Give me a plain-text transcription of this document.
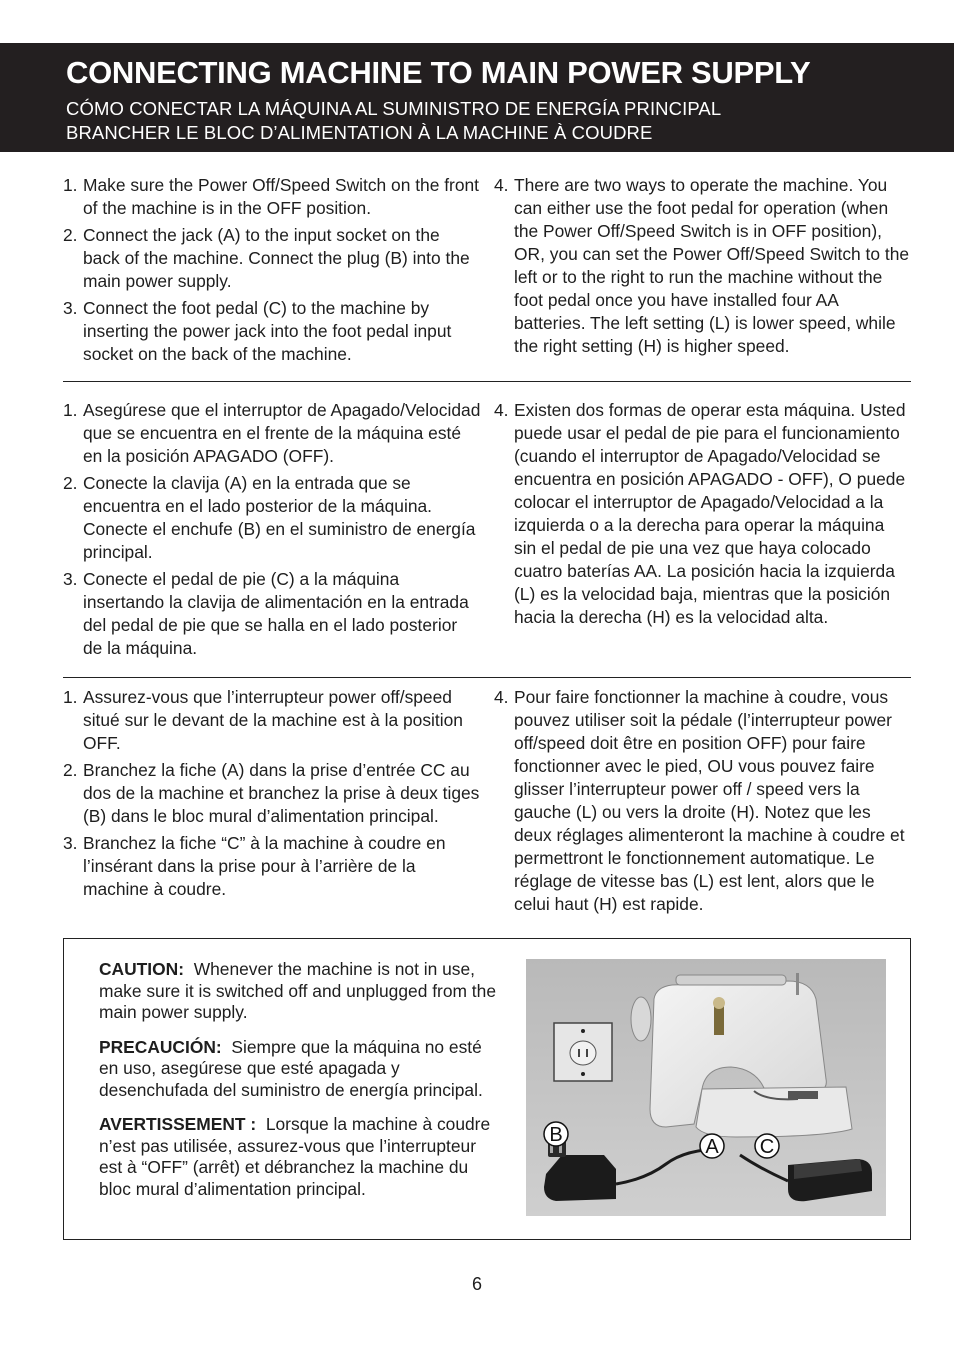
CONNECTING MACHINE TO MAIN POWER SUPPLY
CÓMO CONECTAR LA MÁQUINA AL SUMINISTRO DE ENERGÍA PRINCIPAL
BRANCHER LE BLOC D’ALIMENTATION À LA MACHINE À COUDRE
1. Make sure the Power Off/Speed Switch on the front of the machine is in the OFF position.
2. Connect the jack (A) to the input socket on the back of the machine. Connect the plug (B) into the main power supply.
3. Connect the foot pedal (C) to the machine by inserting the power jack into the foot pedal input socket on the back of the machine.
4. There are two ways to operate the machine. You can either use the foot pedal for operation (when the Power Off/Speed Switch is in OFF position), OR, you can set the Power Off/Speed Switch to the left or to the right to run the machine without the foot pedal once you have installed four AA batteries. The left setting (L) is lower speed, while the right setting (H) is higher speed.
1. Asegúrese que el interruptor de Apagado/Velocidad que se encuentra en el frente de la máquina esté en la posición APAGADO (OFF).
2. Conecte la clavija (A) en la entrada que se encuentra en el lado posterior de la máquina. Conecte el enchufe (B) en el suministro de energía principal.
3. Conecte el pedal de pie (C) a la máquina insertando la clavija de alimentación en la entrada del pedal de pie que se halla en el lado posterior de la máquina.
4. Existen dos formas de operar esta máquina. Usted puede usar el pedal de pie para el funcionamiento (cuando el interruptor de Apagado/Velocidad se encuentra en posición APAGADO - OFF), O puede colocar el interruptor de Apagado/Velocidad a la izquierda o a la derecha para operar la máquina sin el pedal de pie una vez que haya colocado cuatro baterías AA. La posición hacia la izquierda (L) es la velocidad baja, mientras que la posición hacia la derecha (H) es la velocidad alta.
1. Assurez-vous que l’interrupteur power off/speed situé sur le devant de la machine est à la position OFF.
2. Branchez la fiche (A) dans la prise d’entrée CC au dos de la machine et branchez la prise à deux tiges (B) dans le bloc mural d’alimentation principal.
3. Branchez la fiche “C” à la machine à coudre en l’insérant dans la prise pour à l’arrière de la machine à coudre.
4. Pour faire fonctionner la machine à coudre, vous pouvez utiliser soit la pédale (l’interrupteur power off/speed doit être en position OFF) pour faire fonctionner avec le pied, OU vous pouvez faire glisser l’interrupteur power off / speed vers la gauche (L) ou vers la droite (H). Notez que les deux réglages alimenteront la machine à coudre et permettront le fonctionnement automatique. Le réglage de vitesse bas (L) est lent, alors que le celui haut (H) est rapide.

CAUTION: Whenever the machine is not in use, make sure it is switched off and unplugged from the main power supply.

PRECAUCIÓN: Siempre que la máquina no esté en uso, asegúrese que esté apagada y desenchufada del suministro de energía principal.

AVERTISSEMENT : Lorsque la machine à coudre n’est pas utilisée, assurez-vous que l’interrupteur est à “OFF” (arrêt) et débranchez la machine du bloc mural d’alimentation principal.

B
A C
6
